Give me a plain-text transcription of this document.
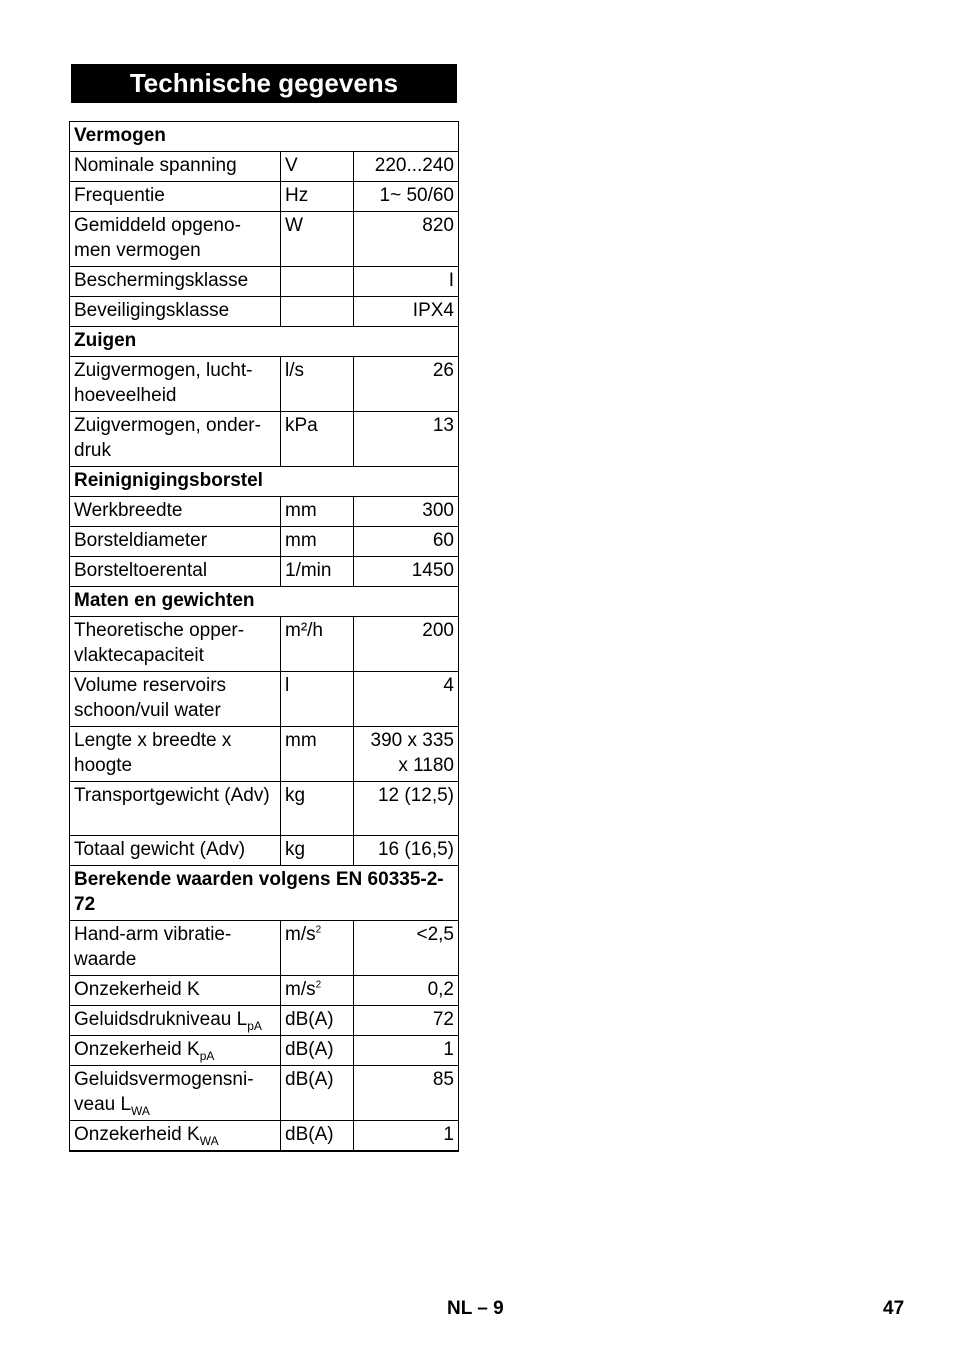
Technische gegevens
Vermogen		
Nominale spanning	V	220...240
Frequentie	Hz	1~ 50/60
Gemiddeld opgeno-men vermogen	W	820
Beschermingsklasse		I
Beveiligingsklasse		IPX4
Zuigen		
Zuigvermogen, lucht-hoeveelheid	l/s	26
Zuigvermogen, onder-druk	kPa	13
Reinignigingsborstel		
Werkbreedte	mm	300
Borsteldiameter	mm	60
Borsteltoerental	1/min	1450
Maten en gewichten		
Theoretische opper-vlaktecapaciteit	m²/h	200
Volume reservoirs schoon/vuil water	l	4
Lengte x breedte x hoogte	mm	390 x 335 x 1180
Transportgewicht (Adv)	kg	12 (12,5)
Totaal gewicht (Adv)	kg	16 (16,5)
Berekende waarden volgens EN 60335-2-72		
Hand-arm vibratie-waarde	$m/s^2$	<2,5
Onzekerheid K	$m/s^2$	0,2
Geluidsdrukniveau $L_{pA}$	dB(A)	72
Onzekerheid $K_{pA}$	dB(A)	1
Geluidsvermogensni-veau $L_{WA}$	dB(A)	85
Onzekerheid $K_{WA}$	dB(A)	1
NL – 9	47
